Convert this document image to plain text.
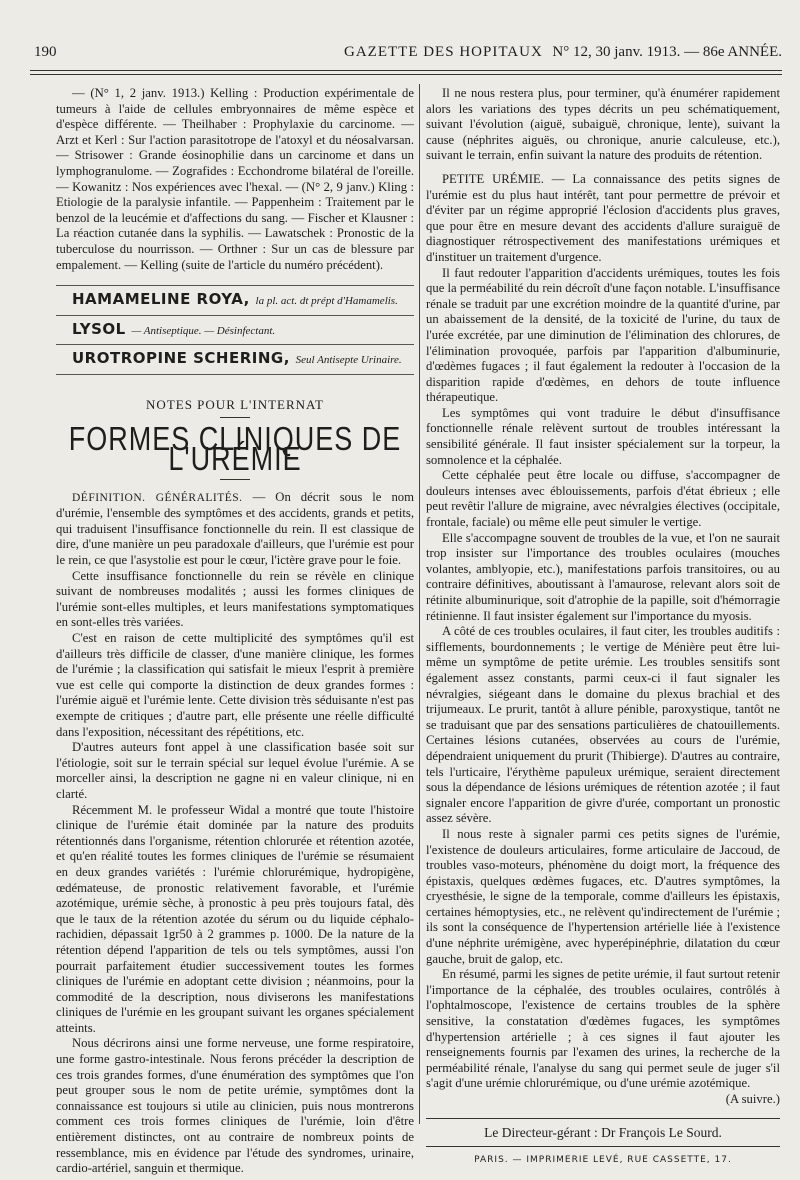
190	GAZETTE DES HOPITAUX N° 12, 30 janv. 1913. — 86e ANNÉE.

— (N° 1, 2 janv. 1913.) Kelling : Production expérimentale de tumeurs à l'aide de cellules embryonnaires de même espèce et d'espèce différente. — Theilhaber : Prophylaxie du carcinome. — Arzt et Kerl : Sur l'action parasitotrope de l'atoxyl et du néosalvarsan. — Strisower : Grande éosinophilie dans un carcinome et dans un lymphogranulome. — Zografides : Ecchondrome bilatéral de l'oreille. — Kowanitz : Nos expériences avec l'hexal. — (N° 2, 9 janv.) Kling : Etiologie de la paralysie infantile. — Pappenheim : Traitement par le benzol de la leucémie et d'affections du sang. — Fischer et Klausner : La réaction cutanée dans la syphilis. — Lawatschek : Pronostic de la tuberculose du nourrisson. — Orthner : Sur un cas de blessure par empalement. — Kelling (suite de l'article du numéro précédent).

HAMAMELINE ROYA, la pl. act. dt prépt d'Hamamelis.

LYSOL — Antiseptique. — Désinfectant.

UROTROPINE SCHERING, Seul Antisepte Urinaire.

NOTES POUR L'INTERNAT
FORMES CLINIQUES DE L'URÉMIE

DÉFINITION. GÉNÉRALITÉS. — On décrit sous le nom d'urémie, l'ensemble des symptômes et des accidents, grands et petits, qui traduisent l'insuffisance fonctionnelle du rein. Il est classique de dire, d'une manière un peu paradoxale d'ailleurs, que l'urémie est pour le rein, ce que l'asystolie est pour le cœur, l'ictère grave pour le foie.

Cette insuffisance fonctionnelle du rein se révèle en clinique suivant de nombreuses modalités ; aussi les formes cliniques de l'urémie sont-elles multiples, et leurs manifestations symptomatiques en sont-elles très variées.

C'est en raison de cette multiplicité des symptômes qu'il est d'ailleurs très difficile de classer, d'une manière clinique, les formes de l'urémie ; la classification qui satisfait le mieux l'esprit à première vue est celle qui comporte la distinction de deux grandes formes : l'urémie aiguë et l'urémie lente. Cette division très séduisante n'est pas exempte de critiques ; d'autre part, elle présente une réelle difficulté dans l'exposition, nécessitant des répétitions, etc.

D'autres auteurs font appel à une classification basée soit sur l'étiologie, soit sur le terrain spécial sur lequel évolue l'urémie. A se morceller ainsi, la description ne gagne ni en valeur clinique, ni en clarté.

Récemment M. le professeur Widal a montré que toute l'histoire clinique de l'urémie était dominée par la nature des produits rétentionnés dans l'organisme, rétention chlorurée et rétention azotée, et qu'en réalité toutes les formes cliniques de l'urémie se résumaient en deux grandes variétés : l'urémie chlorurémique, hydropigène, œdémateuse, de pronostic relativement favorable, et l'urémie azotémique, urémie sèche, à pronostic à peu près toujours fatal, dès que le taux de la rétention azotée du sérum ou du liquide céphalo-rachidien, dépassait 1gr50 à 2 grammes p. 1000. De la nature de la rétention dépend l'apparition de tels ou tels symptômes, aussi l'on pourrait parfaitement étudier successivement toutes les formes cliniques de l'urémie en adoptant cette division ; néanmoins, pour la commodité de la description, nous diviserons les manifestations cliniques de l'urémie en les groupant suivant les organes spécialement atteints.

Nous décrirons ainsi une forme nerveuse, une forme respiratoire, une forme gastro-intestinale. Nous ferons précéder la description de ces trois grandes formes, d'une énumération des symptômes que l'on peut grouper sous le nom de petite urémie, symptômes dont la connaissance est toujours si utile au clinicien, puis nous montrerons comment ces trois formes cliniques de l'urémie, loin d'être entièrement distinctes, ont au contraire de nombreux points de ressemblance, mis en évidence par l'étude des syndromes, urinaire, cardio-artériel, sanguin et thermique.

Il ne nous restera plus, pour terminer, qu'à énumérer rapidement alors les variations des types décrits un peu schématiquement, suivant l'évolution (aiguë, subaiguë, chronique, lente), suivant la cause (néphrites aiguës, ou chronique, anurie calculeuse, etc.), suivant le terrain, enfin suivant la nature des produits de rétention.

PETITE URÉMIE. — La connaissance des petits signes de l'urémie est du plus haut intérêt, tant pour permettre de prévoir et d'éviter par un régime approprié l'éclosion d'accidents plus graves, que pour être en mesure devant des accidents d'allure suraiguë de diagnostiquer rétrospectivement des manifestations urémiques et d'instituer un traitement d'urgence.

Il faut redouter l'apparition d'accidents urémiques, toutes les fois que la perméabilité du rein décroît d'une façon notable. L'insuffisance rénale se traduit par une excrétion moindre de la quantité d'urine, par un abaissement de la densité, de la toxicité de l'urine, du taux de l'urée excrétée, par une diminution de l'élimination des chlorures, de l'élimination provoquée, parfois par l'apparition d'albuminurie, d'œdèmes fugaces ; il faut également la redouter à l'occasion de la disparition rapide d'œdèmes, en dehors de toute influence thérapeutique.

Les symptômes qui vont traduire le début d'insuffisance fonctionnelle rénale relèvent surtout de troubles intéressant la sensibilité générale. Il faut insister spécialement sur la torpeur, la somnolence et la céphalée.

Cette céphalée peut être locale ou diffuse, s'accompagner de douleurs intenses avec éblouissements, parfois d'état ébrieux ; elle peut revêtir l'allure de migraine, avec névralgies électives (occipitale, frontale, faciale) ou même elle peut simuler le vertige.

Elle s'accompagne souvent de troubles de la vue, et l'on ne saurait trop insister sur l'importance des troubles oculaires (mouches volantes, amblyopie, etc.), manifestations parfois transitoires, ou au contraire définitives, aboutissant à l'amaurose, relevant alors soit de rétinite albuminurique, soit d'atrophie de la papille, soit d'hémorragie rétinienne. Il faut insister également sur l'importance du myosis.

A côté de ces troubles oculaires, il faut citer, les troubles auditifs : sifflements, bourdonnements ; le vertige de Ménière peut être lui-même un symptôme de petite urémie. Les troubles sensitifs sont également assez constants, parmi ceux-ci il faut signaler les névralgies, siégeant dans le domaine du plexus brachial et des trijumeaux. Le prurit, tantôt à allure pénible, paroxystique, tantôt ne se traduisant que par des sensations particulières de chatouillements. Certaines lésions cutanées, observées au cours de l'urémie, dépendraient uniquement du prurit (Thibierge). D'autres au contraire, tels l'urticaire, l'érythème papuleux urémique, seraient directement sous la dépendance de lésions urémiques de rétention azotée ; il faut signaler encore l'apparition de givre d'urée, comportant un pronostic assez sévère.

Il nous reste à signaler parmi ces petits signes de l'urémie, l'existence de douleurs articulaires, forme articulaire de Jaccoud, de troubles vaso-moteurs, phénomène du doigt mort, la fréquence des épistaxis, quelques œdèmes fugaces, etc. D'autres symptômes, la cryesthésie, le signe de la temporale, comme d'ailleurs les épistaxis, certaines hémoptysies, etc., ne relèvent qu'indirectement de l'urémie ; ils sont la conséquence de l'hypertension artérielle liée à l'existence d'une néphrite urémigène, avec hyperépinéphrie, dilatation du cœur gauche, bruit de galop, etc.

En résumé, parmi les signes de petite urémie, il faut surtout retenir l'importance de la céphalée, des troubles oculaires, contrôlés à l'ophtalmoscope, l'existence de certains troubles de la sphère sensitive, la constatation d'œdèmes fugaces, les symptômes d'hypertension artérielle ; à ces signes il faut ajouter les renseignements fournis par l'examen des urines, la recherche de la perméabilité rénale, l'analyse du sang qui permet seule de juger s'il s'agit d'une urémie chlorurémique, ou d'une urémie azotémique.

(A suivre.)
Le Directeur-gérant : Dr François Le Sourd.
PARIS. — IMPRIMERIE LEVÉ, RUE CASSETTE, 17.
